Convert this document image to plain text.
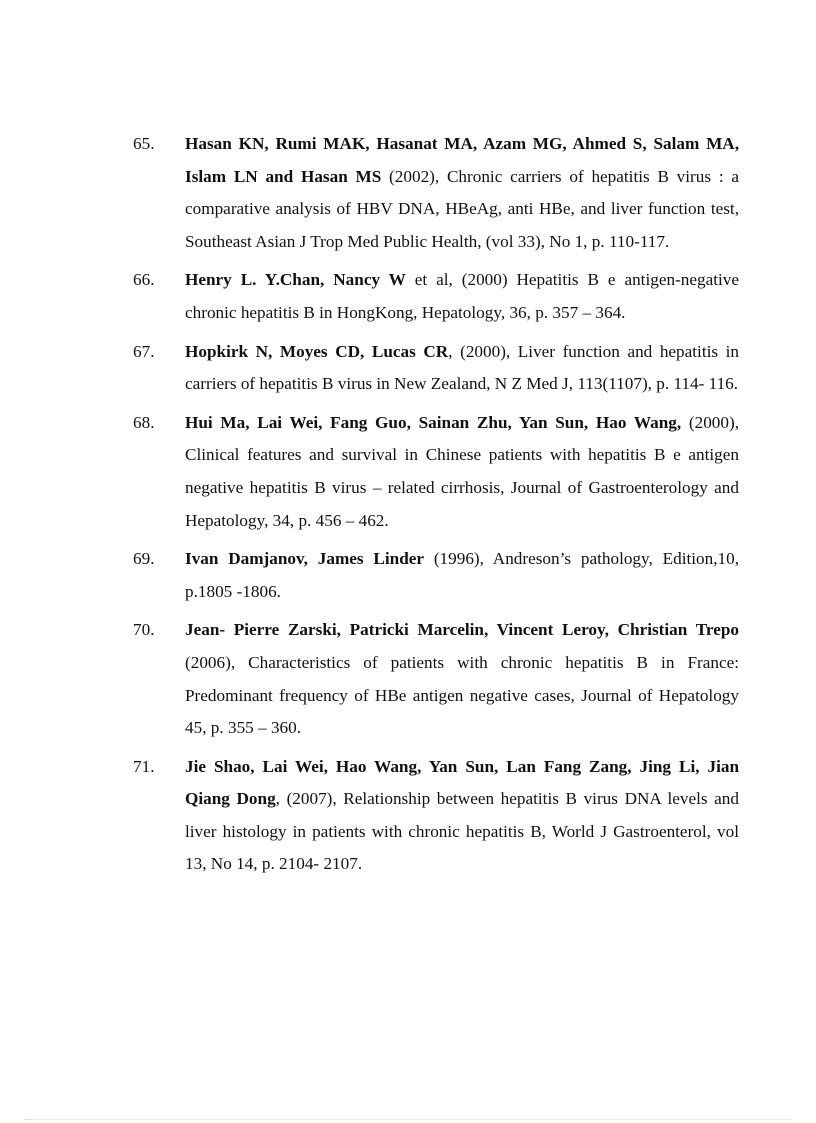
65.	Hasan KN, Rumi MAK, Hasanat MA, Azam MG, Ahmed S, Salam MA, Islam LN and Hasan MS (2002), Chronic carriers of hepatitis B virus : a comparative analysis of HBV DNA, HBeAg, anti HBe, and liver function test, Southeast Asian J Trop Med Public Health, (vol 33), No 1, p. 110-117.
66.	Henry L. Y.Chan, Nancy W et al, (2000) Hepatitis B e antigen-negative chronic hepatitis B in HongKong, Hepatology, 36, p. 357 – 364.
67.	Hopkirk N, Moyes CD, Lucas CR, (2000), Liver function and hepatitis in carriers of hepatitis B virus in New Zealand, N Z Med J, 113(1107), p. 114- 116.
68.	Hui Ma, Lai Wei, Fang Guo, Sainan Zhu, Yan Sun, Hao Wang, (2000), Clinical features and survival in Chinese patients with hepatitis B e antigen negative hepatitis B virus – related cirrhosis, Journal of Gastroenterology and Hepatology, 34, p. 456 – 462.
69.	Ivan Damjanov, James Linder (1996), Andreson’s pathology, Edition,10, p.1805 -1806.
70.	Jean- Pierre Zarski, Patricki Marcelin, Vincent Leroy, Christian Trepo (2006), Characteristics of patients with chronic hepatitis B in France: Predominant frequency of HBe antigen negative cases, Journal of Hepatology 45, p. 355 – 360.
71.	Jie Shao, Lai Wei, Hao Wang, Yan Sun, Lan Fang Zang, Jing Li, Jian Qiang Dong, (2007), Relationship between hepatitis B virus DNA levels and liver histology in patients with chronic hepatitis B, World J Gastroenterol, vol 13, No 14, p. 2104- 2107.
